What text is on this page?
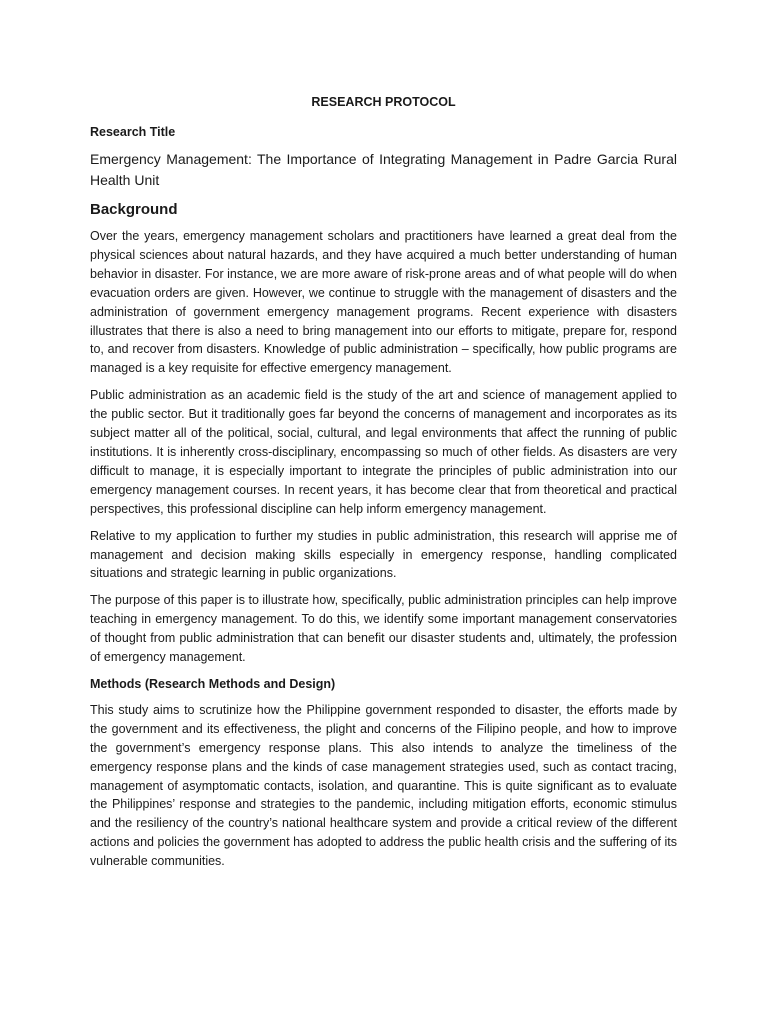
RESEARCH PROTOCOL
Research Title
Emergency Management: The Importance of Integrating Management in Padre Garcia Rural Health Unit
Background

Over the years, emergency management scholars and practitioners have learned a great deal from the physical sciences about natural hazards, and they have acquired a much better understanding of human behavior in disaster. For instance, we are more aware of risk-prone areas and of what people will do when evacuation orders are given. However, we continue to struggle with the management of disasters and the administration of government emergency management programs. Recent experience with disasters illustrates that there is also a need to bring management into our efforts to mitigate, prepare for, respond to, and recover from disasters. Knowledge of public administration – specifically, how public programs are managed is a key requisite for effective emergency management.

Public administration as an academic field is the study of the art and science of management applied to the public sector. But it traditionally goes far beyond the concerns of management and incorporates as its subject matter all of the political, social, cultural, and legal environments that affect the running of public institutions. It is inherently cross-disciplinary, encompassing so much of other fields. As disasters are very difficult to manage, it is especially important to integrate the principles of public administration into our emergency management courses. In recent years, it has become clear that from theoretical and practical perspectives, this professional discipline can help inform emergency management.

Relative to my application to further my studies in public administration, this research will apprise me of management and decision making skills especially in emergency response, handling complicated situations and strategic learning in public organizations.

The purpose of this paper is to illustrate how, specifically, public administration principles can help improve teaching in emergency management. To do this, we identify some important management conservatories of thought from public administration that can benefit our disaster students and, ultimately, the profession of emergency management.

Methods (Research Methods and Design)

This study aims to scrutinize how the Philippine government responded to disaster, the efforts made by the government and its effectiveness, the plight and concerns of the Filipino people, and how to improve the government’s emergency response plans. This also intends to analyze the timeliness of the emergency response plans and the kinds of case management strategies used, such as contact tracing, management of asymptomatic contacts, isolation, and quarantine. This is quite significant as to evaluate the Philippines’ response and strategies to the pandemic, including mitigation efforts, economic stimulus and the resiliency of the country’s national healthcare system and provide a critical review of the different actions and policies the government has adopted to address the public health crisis and the suffering of its vulnerable communities.
